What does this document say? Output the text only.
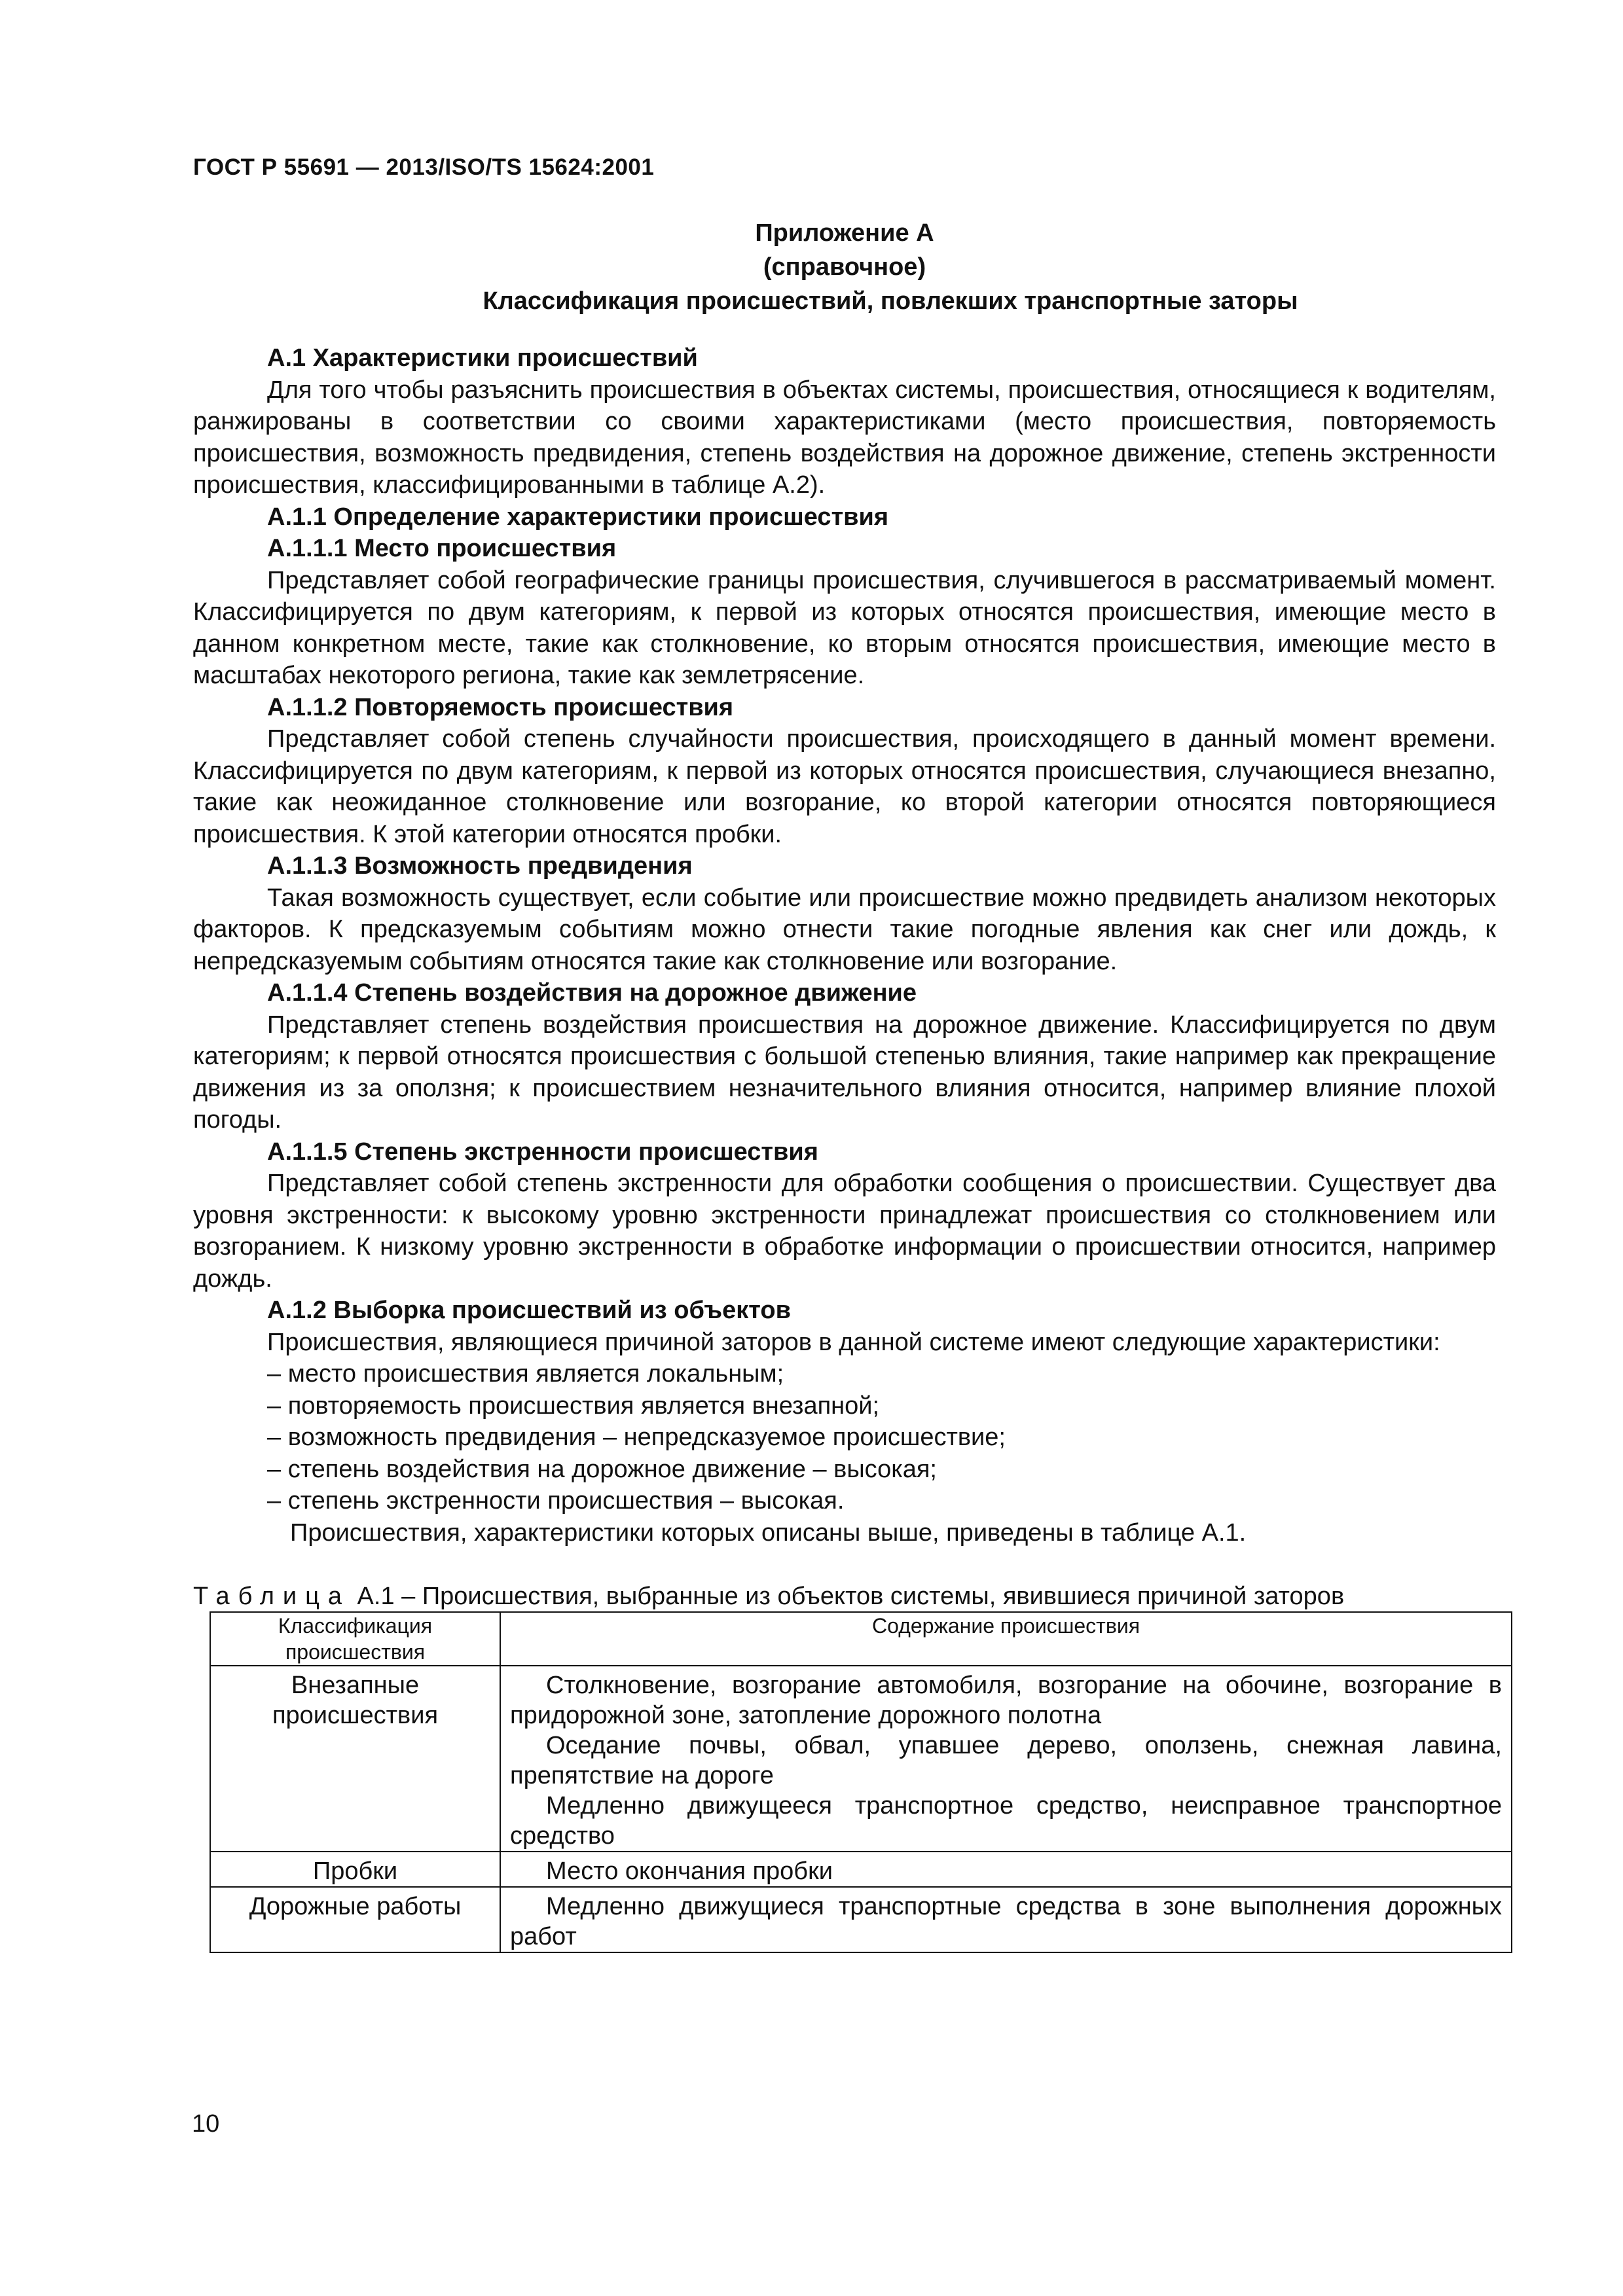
ГОСТ Р 55691 — 2013/ISO/TS 15624:2001
Приложение А
(справочное)
Классификация происшествий, повлекших транспортные заторы
А.1 Характеристики происшествий

Для того чтобы разъяснить происшествия в объектах системы, происшествия, относящиеся к водителям, ранжированы в соответствии со своими характеристиками (место происшествия, повторяемость происшествия, возможность предвидения, степень воздействия на дорожное движение, степень экстренности происшествия, классифицированными в таблице А.2).

А.1.1 Определение характеристики происшествия
А.1.1.1 Место происшествия

Представляет собой географические границы происшествия, случившегося в рассматриваемый момент. Классифицируется по двум категориям, к первой из которых относятся происшествия, имеющие место в данном конкретном месте, такие как столкновение, ко вторым относятся происшествия, имеющие место в масштабах некоторого региона, такие как землетрясение.

А.1.1.2 Повторяемость происшествия

Представляет собой степень случайности происшествия, происходящего в данный момент времени. Классифицируется по двум категориям, к первой из которых относятся происшествия, случающиеся внезапно, такие как неожиданное столкновение или возгорание, ко второй категории относятся повторяющиеся происшествия. К этой категории относятся пробки.

А.1.1.3 Возможность предвидения

Такая возможность существует, если событие или происшествие можно предвидеть анализом некоторых факторов. К предсказуемым событиям можно отнести такие погодные явления как снег или дождь, к непредсказуемым событиям относятся такие как столкновение или возгорание.

А.1.1.4 Степень воздействия на дорожное движение

Представляет степень воздействия происшествия на дорожное движение. Классифицируется по двум категориям; к первой относятся происшествия с большой степенью влияния, такие например как прекращение движения из за оползня; к происшествием незначительного влияния относится, например влияние плохой погоды.

А.1.1.5 Степень экстренности происшествия

Представляет собой степень экстренности для обработки сообщения о происшествии. Существует два уровня экстренности: к высокому уровню экстренности принадлежат происшествия со столкновением или возгоранием. К низкому уровню экстренности в обработке информации о происшествии относится, например дождь.

А.1.2 Выборка происшествий из объектов

Происшествия, являющиеся причиной заторов в данной системе имеют следующие характеристики:

– место происшествия является локальным;
– повторяемость происшествия является внезапной;
– возможность предвидения – непредсказуемое происшествие;
– степень воздействия на дорожное движение – высокая;
– степень экстренности происшествия – высокая.

Происшествия, характеристики которых описаны выше, приведены в таблице А.1.

Таблица А.1 – Происшествия, выбранные из объектов системы, явившиеся причиной заторов
Классификация происшествия	Содержание происшествия
Внезапные происшествия	Столкновение, возгорание автомобиля, возгорание на обочине, возгорание в придорожной зоне, затопление дорожного полотна
Оседание почвы, обвал, упавшее дерево, оползень, снежная лавина, препятствие на дороге
Медленно движущееся транспортное средство, неисправное транспортное средство

Пробки	Место окончания пробки

Дорожные работы	Медленно движущиеся транспортные средства в зоне выполнения дорожных работ
10
